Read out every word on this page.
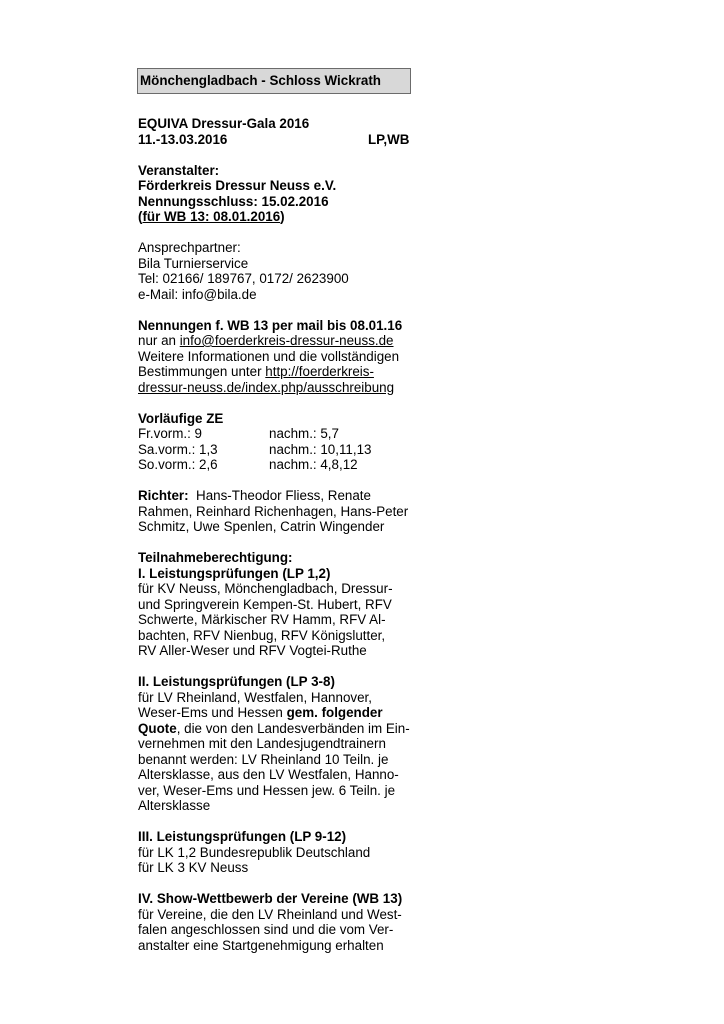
Mönchengladbach - Schloss Wickrath
EQUIVA Dressur-Gala 2016
11.-13.03.2016	LP,WB
Veranstalter:
Förderkreis Dressur Neuss e.V.
Nennungsschluss: 15.02.2016
(für WB 13: 08.01.2016)
Ansprechpartner:
Bila Turnierservice
Tel: 02166/ 189767, 0172/ 2623900
e-Mail: info@bila.de
Nennungen f. WB 13 per mail bis 08.01.16
nur an info@foerderkreis-dressur-neuss.de
Weitere Informationen und die vollständigen
Bestimmungen unter http://foerderkreis-
dressur-neuss.de/index.php/ausschreibung
Vorläufige ZE
Fr.vorm.: 9	nachm.: 5,7
Sa.vorm.: 1,3	nachm.: 10,11,13
So.vorm.: 2,6	nachm.: 4,8,12
Richter:  Hans-Theodor Fliess, Renate
Rahmen, Reinhard Richenhagen, Hans-Peter
Schmitz, Uwe Spenlen, Catrin Wingender
Teilnahmeberechtigung:
I. Leistungsprüfungen (LP 1,2)
für KV Neuss, Mönchengladbach, Dressur-
und Springverein Kempen-St. Hubert, RFV
Schwerte, Märkischer RV Hamm, RFV Al-
bachten, RFV Nienbug, RFV Königslutter,
RV Aller-Weser und RFV Vogtei-Ruthe
II. Leistungsprüfungen (LP 3-8)
für LV Rheinland, Westfalen, Hannover,
Weser-Ems und Hessen gem. folgender
Quote, die von den Landesverbänden im Ein-
vernehmen mit den Landesjugendtrainern
benannt werden: LV Rheinland 10 Teiln. je
Altersklasse, aus den LV Westfalen, Hanno-
ver, Weser-Ems und Hessen jew. 6 Teiln. je
Altersklasse
III. Leistungsprüfungen (LP 9-12)
für LK 1,2 Bundesrepublik Deutschland
für LK 3 KV Neuss
IV. Show-Wettbewerb der Vereine (WB 13)
für Vereine, die den LV Rheinland und West-
falen angeschlossen sind und die vom Ver-
anstalter eine Startgenehmigung erhalten
